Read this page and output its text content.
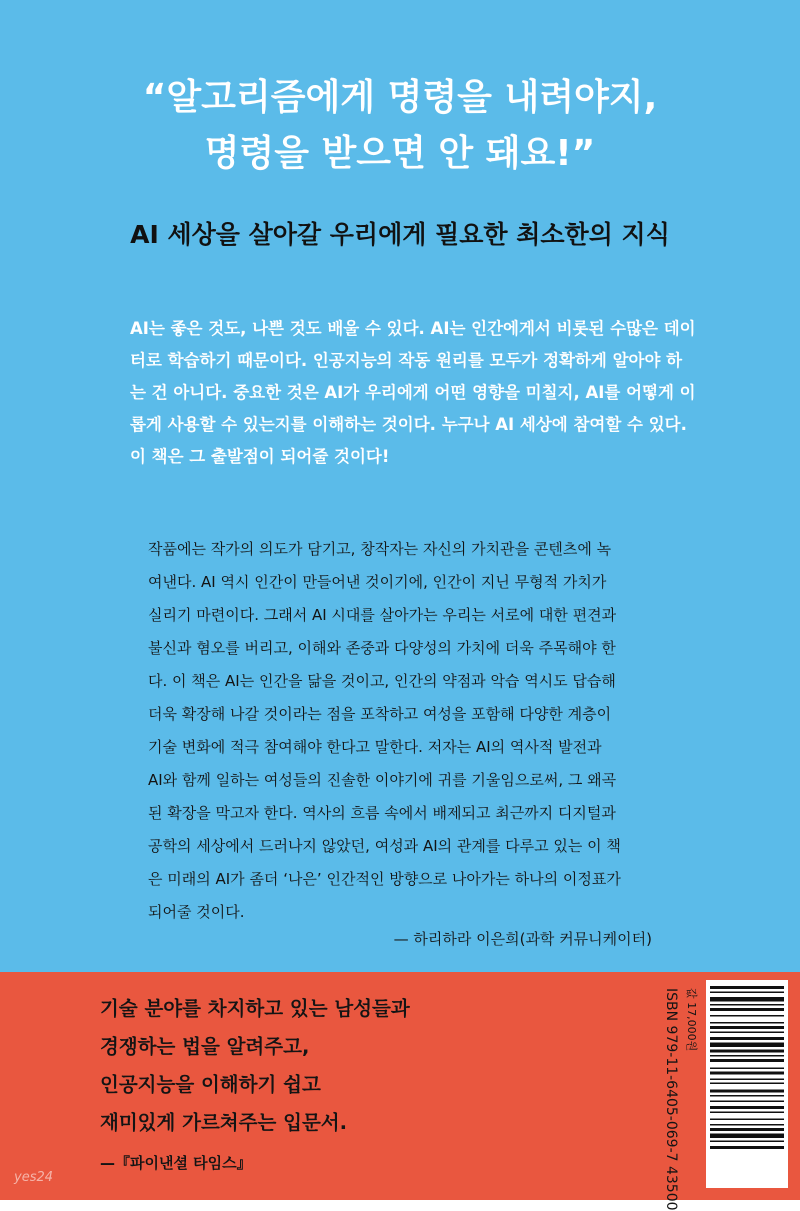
“알고리즘에게 명령을 내려야지,
명령을 받으면 안 돼요!”
AI 세상을 살아갈 우리에게 필요한 최소한의 지식
AI는 좋은 것도, 나쁜 것도 배울 수 있다. AI는 인간에게서 비롯된 수많은 데이
터로 학습하기 때문이다. 인공지능의 작동 원리를 모두가 정확하게 알아야 하
는 건 아니다. 중요한 것은 AI가 우리에게 어떤 영향을 미칠지, AI를 어떻게 이
롭게 사용할 수 있는지를 이해하는 것이다. 누구나 AI 세상에 참여할 수 있다.
이 책은 그 출발점이 되어줄 것이다!
작품에는 작가의 의도가 담기고, 창작자는 자신의 가치관을 콘텐츠에 녹
여낸다. AI 역시 인간이 만들어낸 것이기에, 인간이 지닌 무형적 가치가
실리기 마련이다. 그래서 AI 시대를 살아가는 우리는 서로에 대한 편견과
불신과 혐오를 버리고, 이해와 존중과 다양성의 가치에 더욱 주목해야 한
다. 이 책은 AI는 인간을 닮을 것이고, 인간의 약점과 악습 역시도 답습해
더욱 확장해 나갈 것이라는 점을 포착하고 여성을 포함해 다양한 계층이
기술 변화에 적극 참여해야 한다고 말한다. 저자는 AI의 역사적 발전과
AI와 함께 일하는 여성들의 진솔한 이야기에 귀를 기울임으로써, 그 왜곡
된 확장을 막고자 한다. 역사의 흐름 속에서 배제되고 최근까지 디지털과
공학의 세상에서 드러나지 않았던, 여성과 AI의 관계를 다루고 있는 이 책
은 미래의 AI가 좀더 ‘나은’ 인간적인 방향으로 나아가는 하나의 이정표가
되어줄 것이다.
— 하리하라 이은희(과학 커뮤니케이터)
기술 분야를 차지하고 있는 남성들과
경쟁하는 법을 알려주고,
인공지능을 이해하기 쉽고
재미있게 가르쳐주는 입문서.
—『파이낸셜 타임스』
값 17,000원
ISBN 979-11-6405-069-7 43500
yes24
